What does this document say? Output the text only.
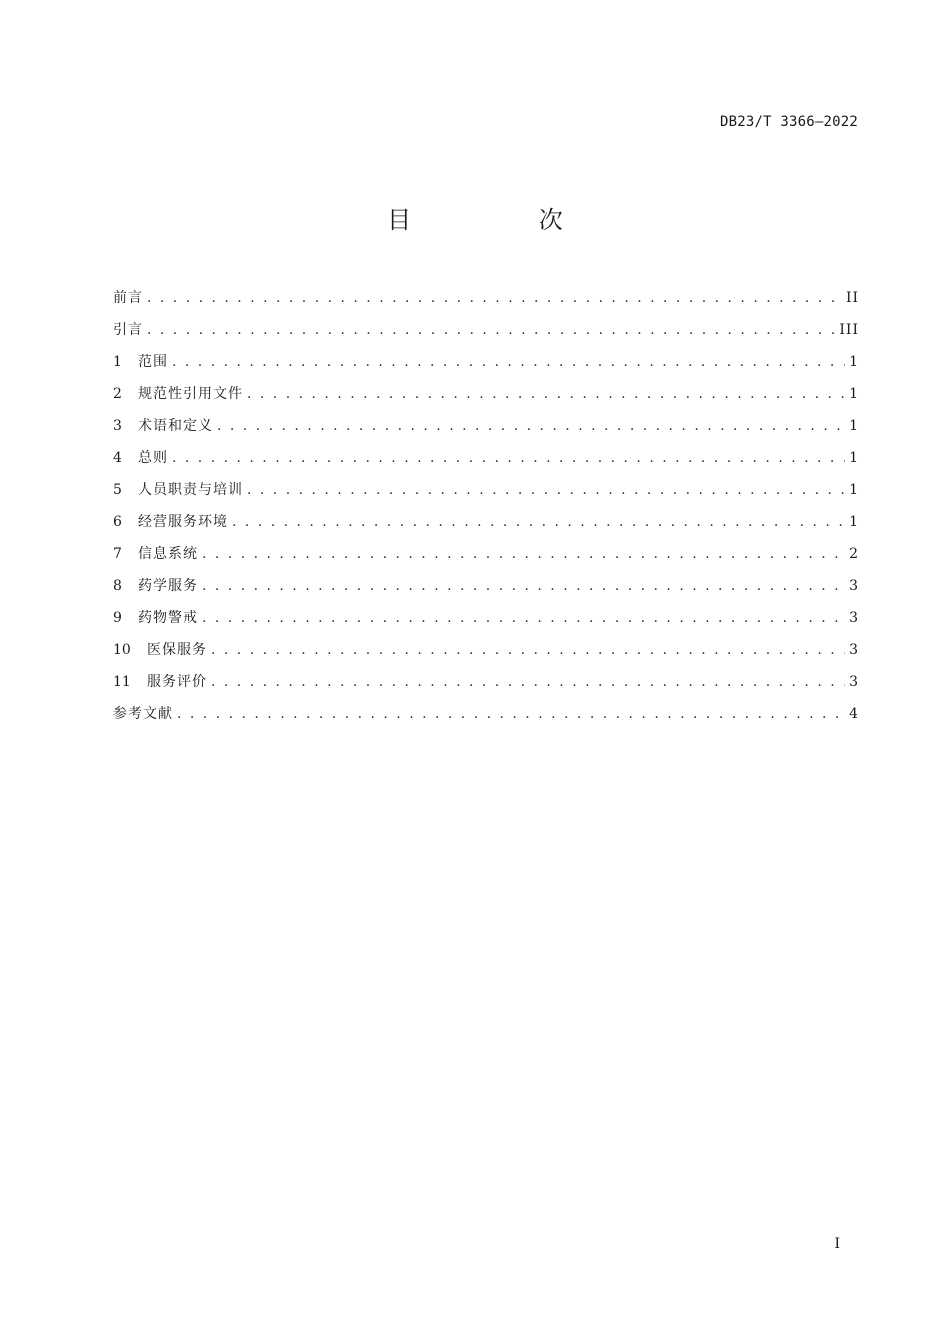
DB23/T 3366—2022
目 次
前言 . . .	II
引言 . . .	III
1	范围 . . .	1
2	规范性引用文件 . . .	1
3	术语和定义 . . .	1
4	总则 . . .	1
5	人员职责与培训 . . .	1
6	经营服务环境 . . .	1
7	信息系统 . . .	2
8	药学服务 . . .	3
9	药物警戒 . . .	3
10	医保服务 . . .	3
11	服务评价 . . .	3
参考文献 . . .	4
I
